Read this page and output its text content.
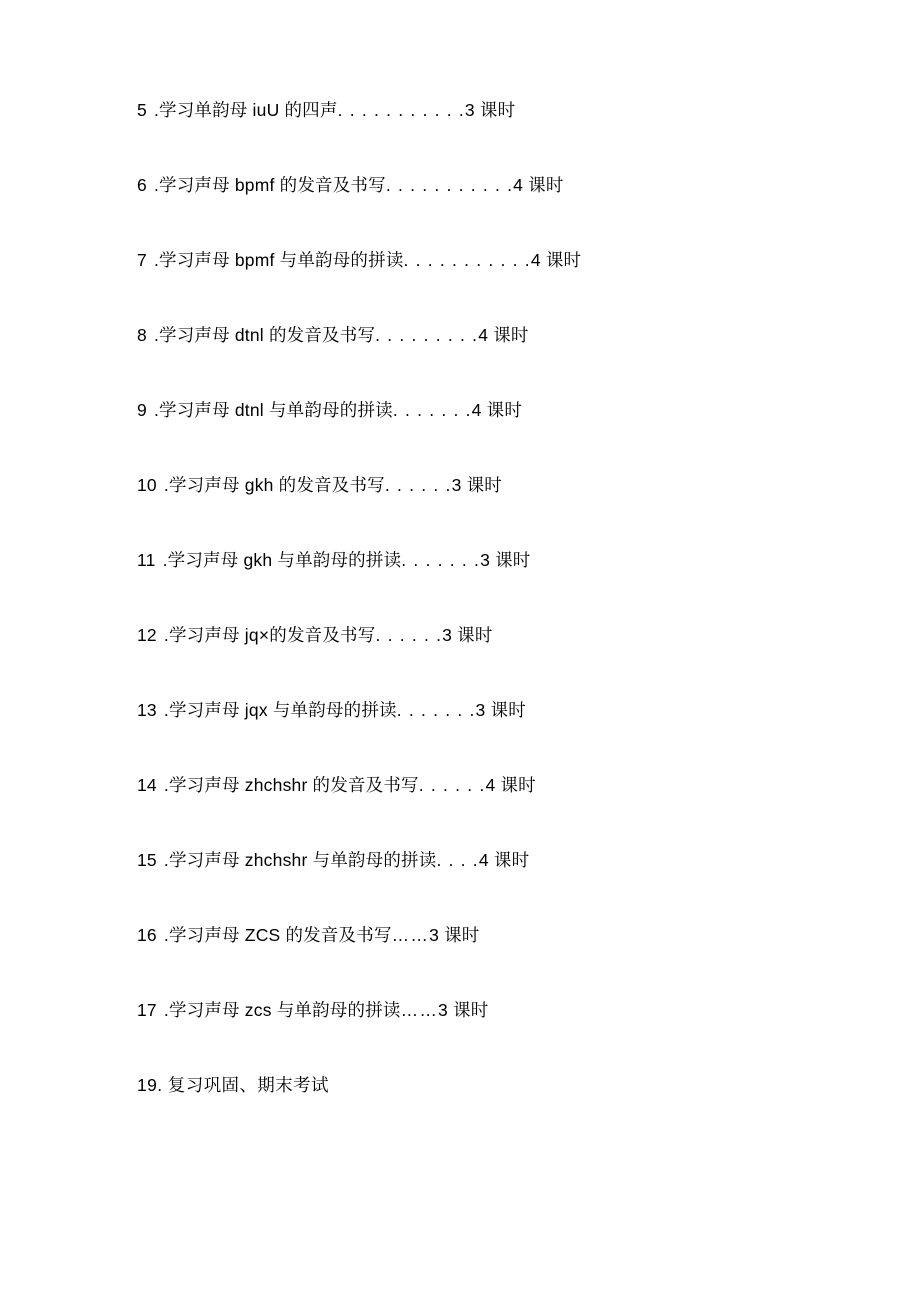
5 .学习单韵母 iuU 的四声. . . . . . . . . . .3 课时
6 .学习声母 bpmf 的发音及书写. . . . . . . . . . .4 课时
7 .学习声母 bpmf 与单韵母的拼读. . . . . . . . . . .4 课时
8 .学习声母 dtnl 的发音及书写. . . . . . . . .4 课时
9 .学习声母 dtnl 与单韵母的拼读. . . . . . .4 课时
10 .学习声母 gkh 的发音及书写. . . . . .3 课时
11 .学习声母 gkh 与单韵母的拼读. . . . . . .3 课时
12 .学习声母 jq×的发音及书写. . . . . .3 课时
13 .学习声母 jqx 与单韵母的拼读. . . . . . .3 课时
14 .学习声母 zhchshr 的发音及书写. . . . . .4 课时
15 .学习声母 zhchshr 与单韵母的拼读. . . .4 课时
16 .学习声母 ZCS 的发音及书写……3 课时
17 .学习声母 zcs 与单韵母的拼读……3 课时
19. 复习巩固、期末考试
